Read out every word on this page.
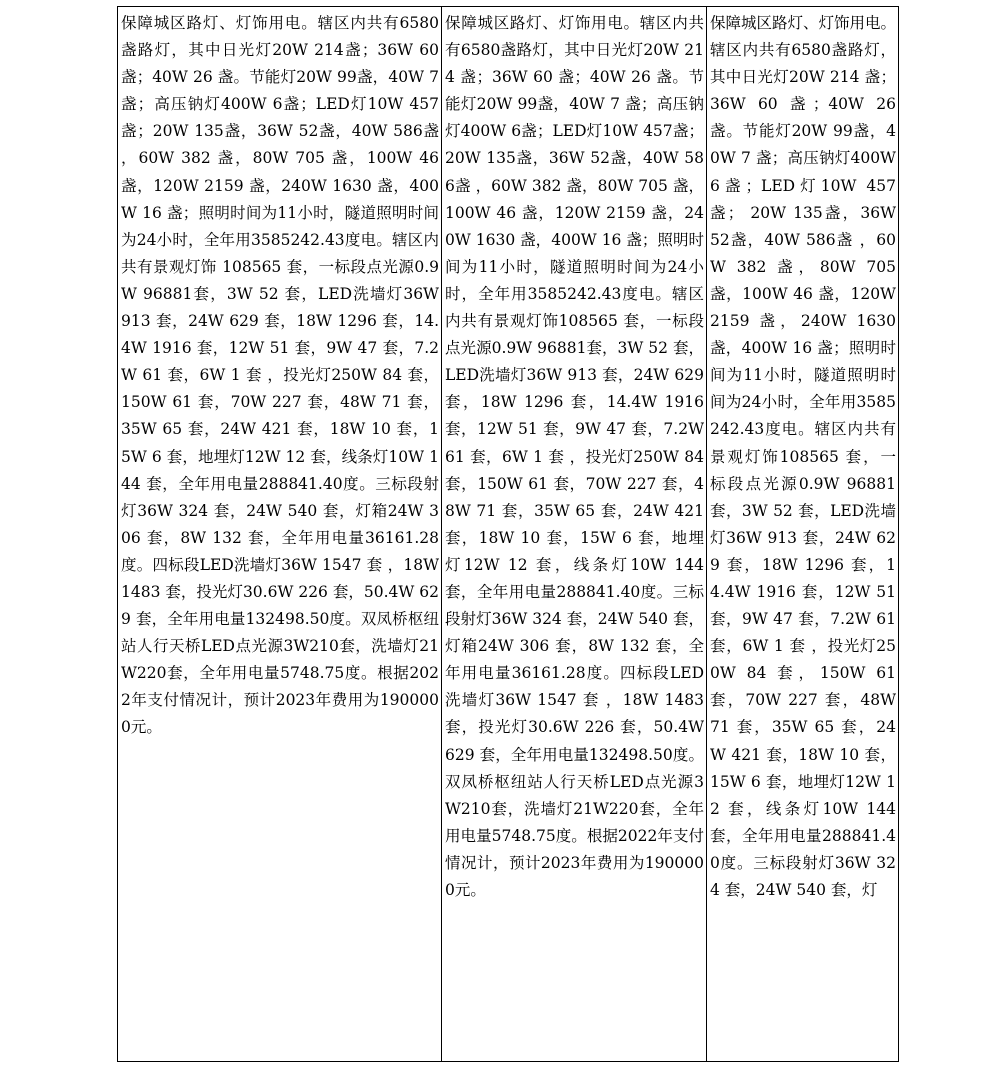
保障城区路灯、灯饰用电。辖区内共有6580盏路灯，其中日光灯20W 214盏；36W 60 盏；40W 26 盏。节能灯20W 99盏，40W 7 盏；高压钠灯400W 6盏；LED灯10W 457盏；20W 135盏，36W 52盏，40W 586盏 ，60W 382 盏，80W 705 盏，100W 46 盏，120W 2159 盏，240W 1630 盏，400W 16 盏；照明时间为11小时，隧道照明时间为24小时，全年用3585242.43度电。辖区内共有景观灯饰 108565 套，一标段点光源0.9W 96881套，3W 52 套，LED洗墙灯36W 913 套，24W 629 套，18W 1296 套，14.4W 1916 套，12W 51 套，9W 47 套，7.2W 61 套，6W 1 套 ，投光灯250W 84 套，150W 61 套，70W 227 套，48W 71 套，35W 65 套，24W 421 套，18W 10 套，15W 6 套，地埋灯12W 12 套，线条灯10W 144 套，全年用电量288841.40度。三标段射灯36W 324 套，24W 540 套，灯箱24W 306 套，8W 132 套，全年用电量36161.28度。四标段LED洗墙灯36W 1547 套 ，18W 1483 套，投光灯30.6W 226 套，50.4W 629 套，全年用电量132498.50度。双凤桥枢纽站人行天桥LED点光源3W210套，洗墙灯21W220套，全年用电量5748.75度。根据2022年支付情况计，预计2023年费用为1900000元。	保障城区路灯、灯饰用电。辖区内共有6580盏路灯，其中日光灯20W 214 盏；36W 60 盏；40W 26 盏。节能灯20W 99盏，40W 7 盏；高压钠灯400W 6盏；LED灯10W 457盏； 20W 135盏，36W 52盏，40W 586盏 ，60W 382 盏，80W 705 盏，100W 46 盏，120W 2159 盏，240W 1630 盏，400W 16 盏；照明时间为11小时，隧道照明时间为24小时，全年用3585242.43度电。辖区内共有景观灯饰108565 套，一标段点光源0.9W 96881套，3W 52 套，LED洗墙灯36W 913 套，24W 629 套，18W 1296 套，14.4W 1916 套，12W 51 套，9W 47 套，7.2W 61 套，6W 1 套 ，投光灯250W 84 套，150W 61 套，70W 227 套，48W 71 套，35W 65 套，24W 421 套，18W 10 套，15W 6 套，地埋灯12W 12 套，线条灯10W 144 套，全年用电量288841.40度。三标段射灯36W 324 套，24W 540 套，灯箱24W 306 套，8W 132 套，全年用电量36161.28度。四标段LED洗墙灯36W 1547 套 ，18W 1483 套，投光灯30.6W 226 套，50.4W 629 套，全年用电量132498.50度。双凤桥枢纽站人行天桥LED点光源3W210套，洗墙灯21W220套，全年用电量5748.75度。根据2022年支付情况计，预计2023年费用为1900000元。	保障城区路灯、灯饰用电。辖区内共有6580盏路灯，其中日光灯20W 214 盏；36W 60 盏；40W 26 盏。节能灯20W 99盏，40W 7 盏；高压钠灯400W 6盏；LED灯10W 457盏； 20W 135盏，36W 52盏，40W 586盏 ，60W 382 盏，80W 705 盏，100W 46 盏，120W 2159 盏，240W 1630 盏，400W 16 盏；照明时间为11小时，隧道照明时间为24小时，全年用3585242.43度电。辖区内共有景观灯饰108565 套，一标段点光源0.9W 96881套，3W 52 套，LED洗墙灯36W 913 套，24W 629 套，18W 1296 套，14.4W 1916 套，12W 51 套，9W 47 套，7.2W 61 套，6W 1 套 ，投光灯250W 84 套，150W 61 套，70W 227 套，48W 71 套，35W 65 套，24W 421 套，18W 10 套，15W 6 套，地埋灯12W 12 套，线条灯10W 144 套，全年用电量288841.40度。三标段射灯36W 324 套，24W 540 套，灯
